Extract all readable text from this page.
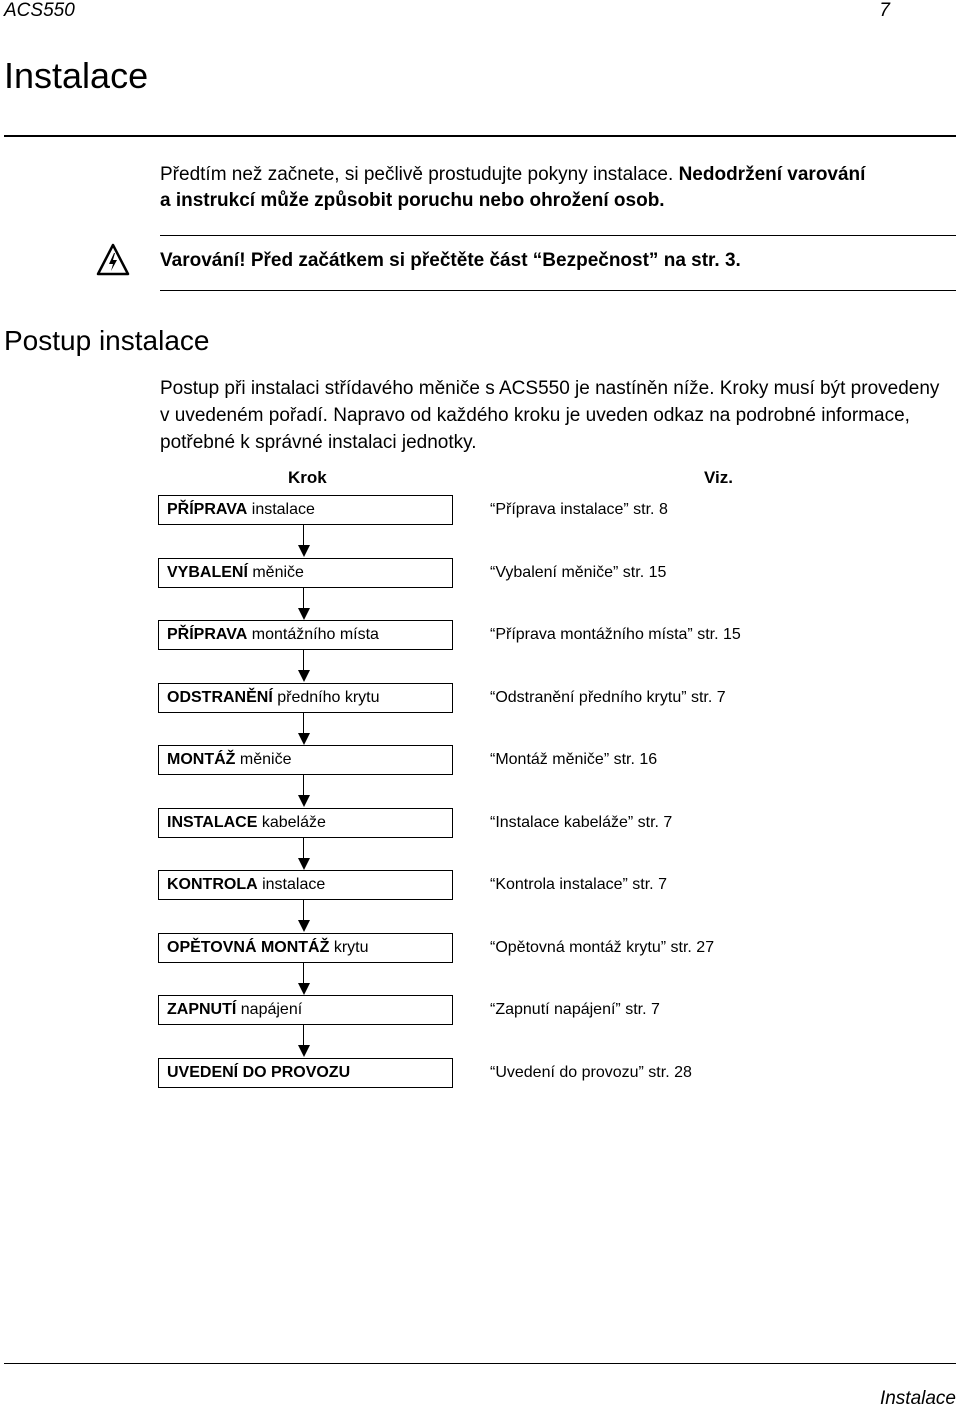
ACS550	7
Instalace
Předtím než začnete, si pečlivě prostudujte pokyny instalace. Nedodržení varování
a instrukcí může způsobit poruchu nebo ohrožení osob.
Varování! Před začátkem si přečtěte část “Bezpečnost” na str. 3.
Postup instalace
Postup při instalaci střídavého měniče s ACS550 je nastíněn níže. Kroky musí být provedeny v uvedeném pořadí. Napravo od každého kroku je uveden odkaz na podrobné informace, potřebné k správné instalaci jednotky.
Krok	Viz.
PŘÍPRAVA instalace	“Příprava instalace” str. 8
VYBALENÍ měniče	“Vybalení měniče” str. 15
PŘÍPRAVA montážního místa	“Příprava montážního místa” str. 15
ODSTRANĚNÍ předního krytu	“Odstranění předního krytu” str. 7
MONTÁŽ měniče	“Montáž měniče” str. 16
INSTALACE kabeláže	“Instalace kabeláže” str. 7
KONTROLA instalace	“Kontrola instalace” str. 7
OPĚTOVNÁ MONTÁŽ krytu	“Opětovná montáž krytu” str. 27
ZAPNUTÍ napájení	“Zapnutí napájení” str. 7
UVEDENÍ DO PROVOZU	“Uvedení do provozu” str. 28
Instalace
